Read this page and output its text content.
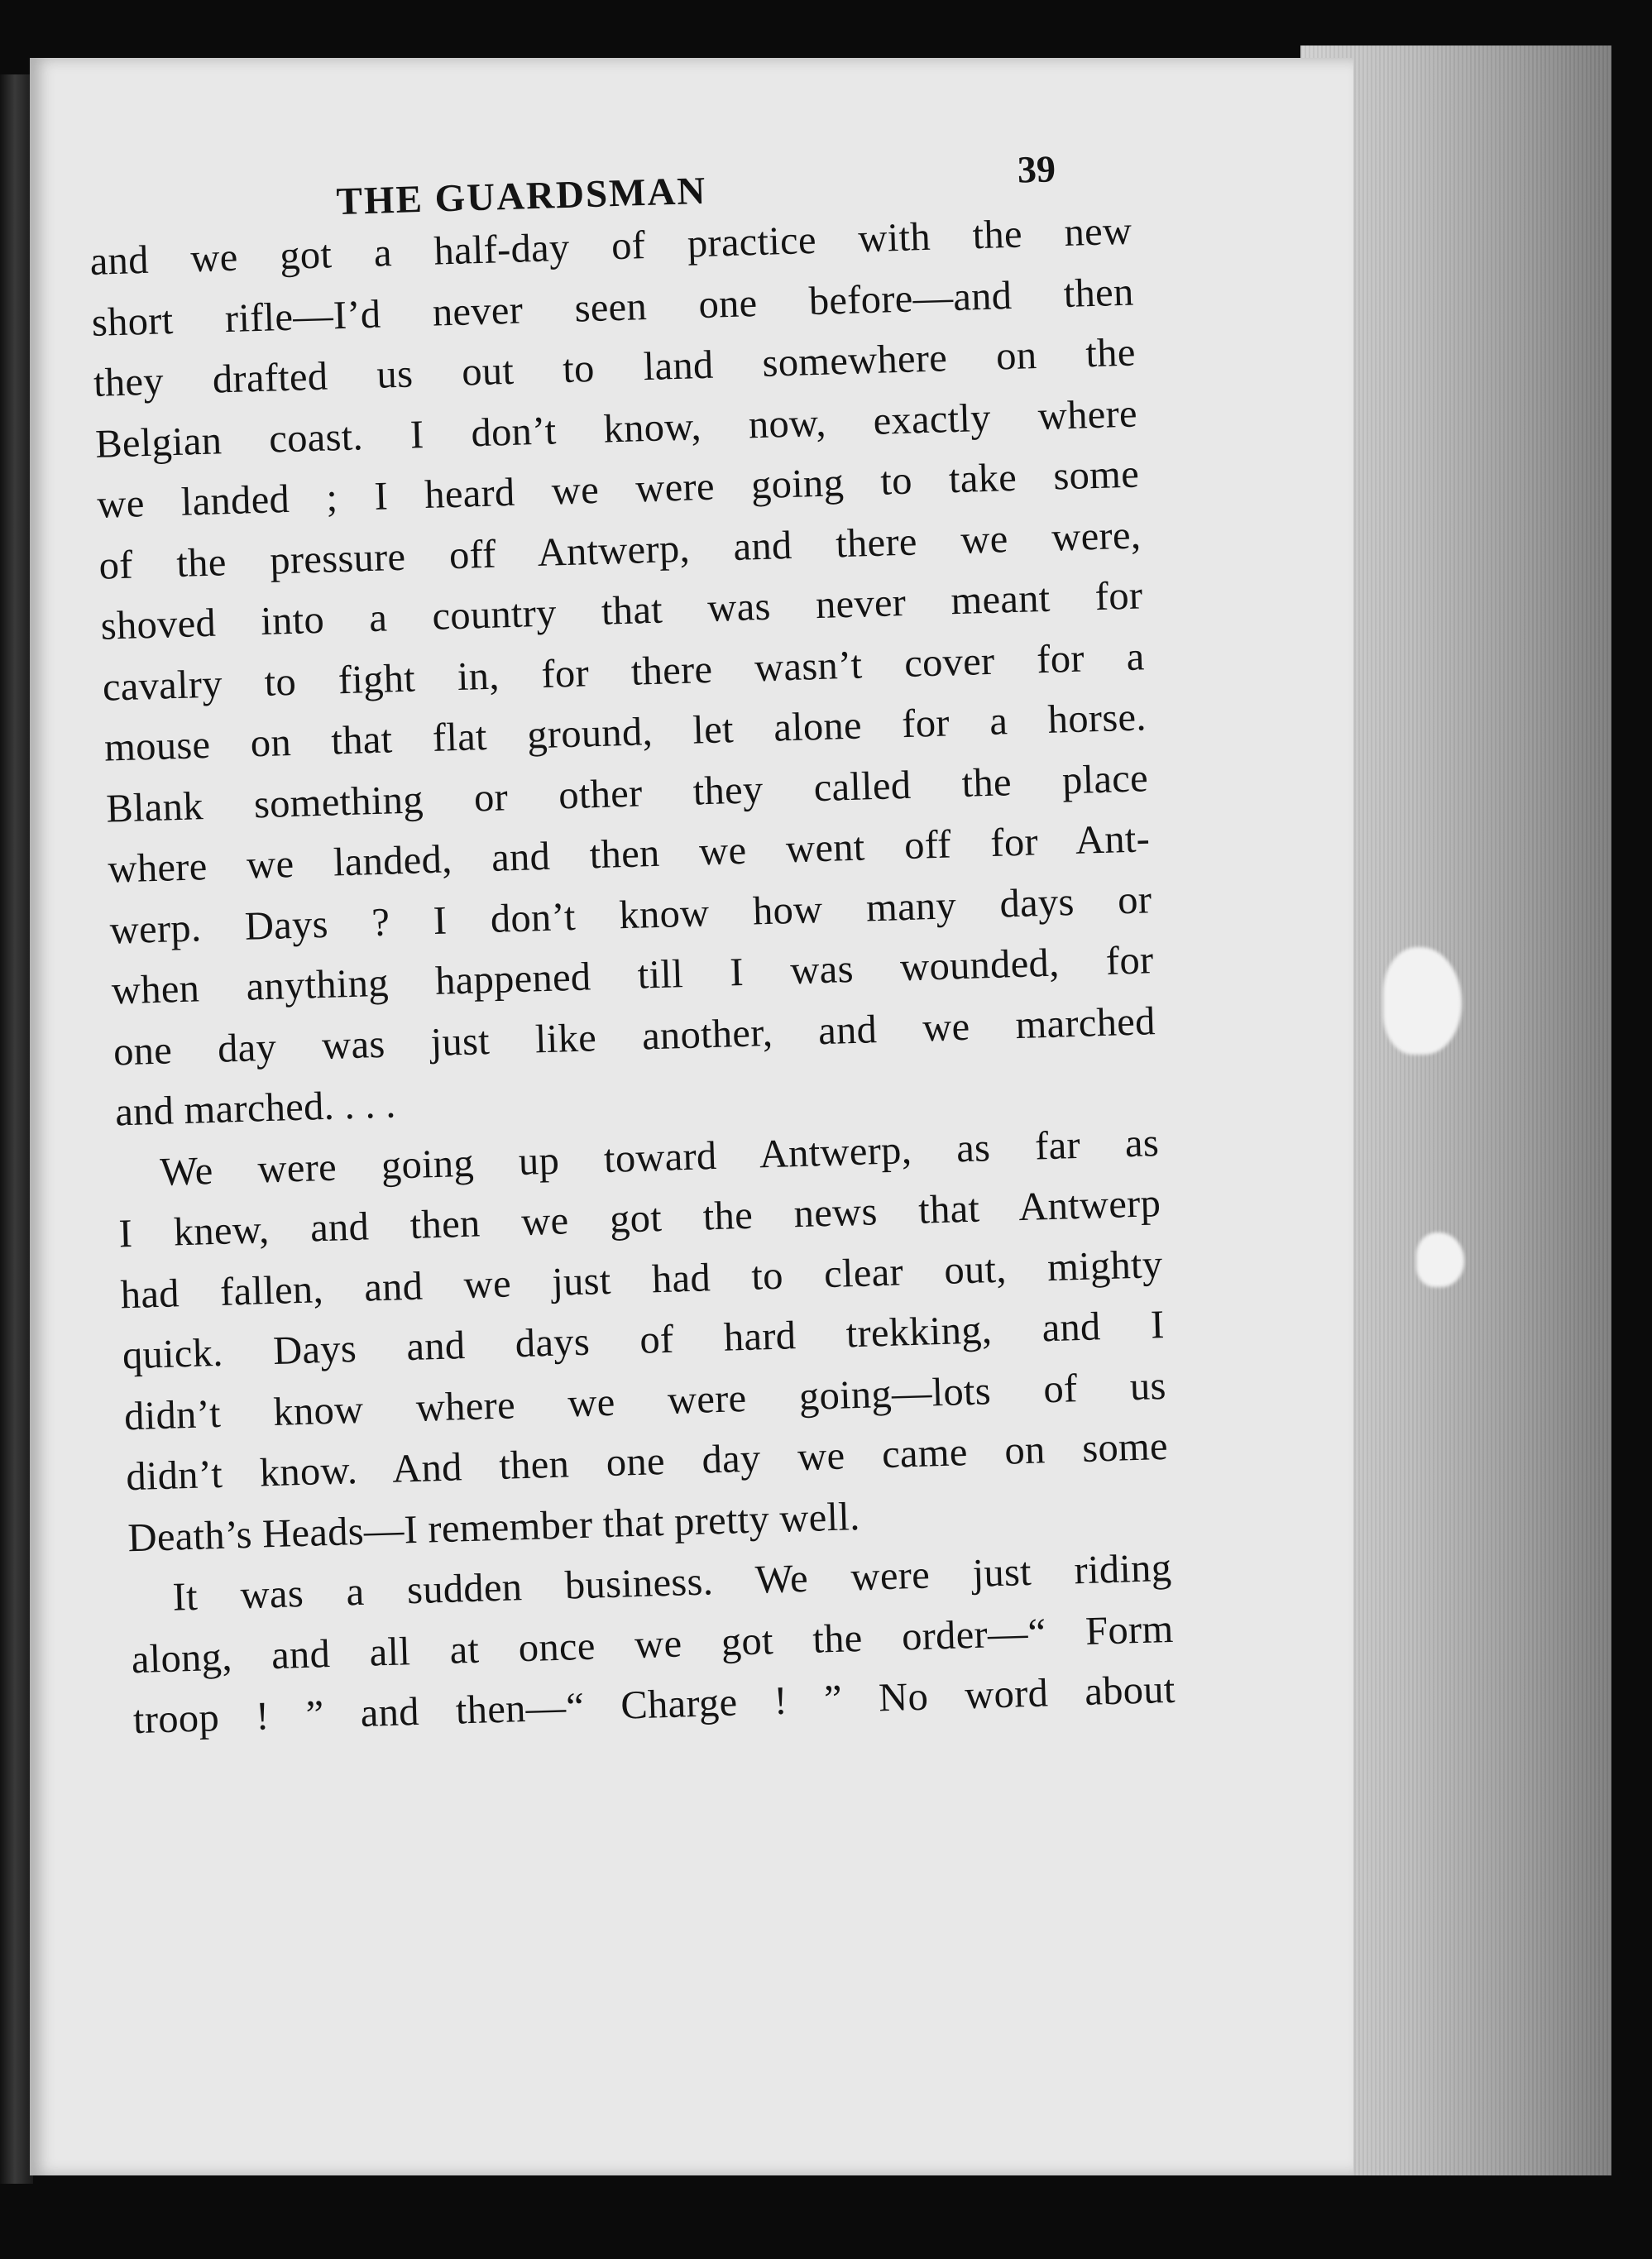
THE GUARDSMAN
39
and we got a half-day of practice with the new
short rifle—I’d never seen one before—and then
they drafted us out to land somewhere on the
Belgian coast. I don’t know, now, exactly where
we landed ; I heard we were going to take some
of the pressure off Antwerp, and there we were,
shoved into a country that was never meant for
cavalry to fight in, for there wasn’t cover for a
mouse on that flat ground, let alone for a horse.
Blank something or other they called the place
where we landed, and then we went off for Ant-
werp. Days ? I don’t know how many days or
when anything happened till I was wounded, for
one day was just like another, and we marched
and marched. . . .
We were going up toward Antwerp, as far as
I knew, and then we got the news that Antwerp
had fallen, and we just had to clear out, mighty
quick. Days and days of hard trekking, and I
didn’t know where we were going—lots of us
didn’t know. And then one day we came on some
Death’s Heads—I remember that pretty well.
It was a sudden business. We were just riding
along, and all at once we got the order—“ Form
troop ! ” and then—“ Charge ! ” No word about
